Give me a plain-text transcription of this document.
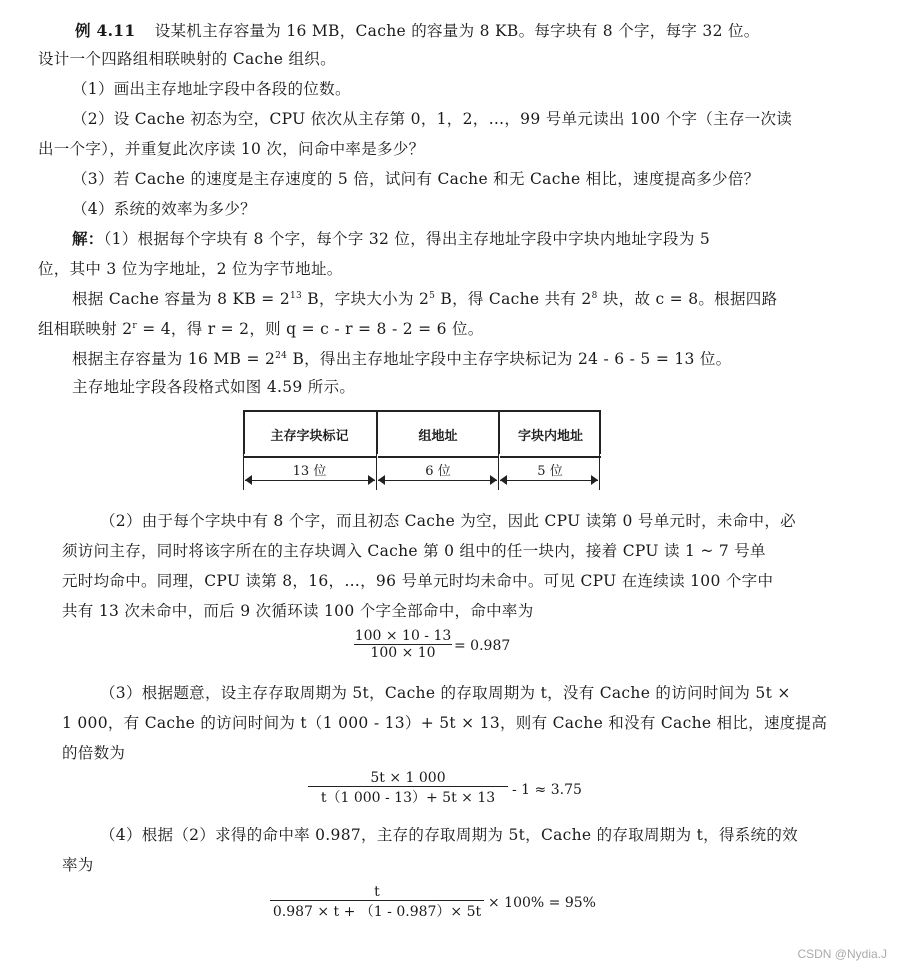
例 4.11 设某机主存容量为 16 MB，Cache 的容量为 8 KB。每字块有 8 个字，每字 32 位。
设计一个四路组相联映射的 Cache 组织。
（1）画出主存地址字段中各段的位数。
（2）设 Cache 初态为空，CPU 依次从主存第 0，1，2，…，99 号单元读出 100 个字（主存一次读
出一个字），并重复此次序读 10 次，问命中率是多少？
（3）若 Cache 的速度是主存速度的 5 倍，试问有 Cache 和无 Cache 相比，速度提高多少倍？
（4）系统的效率为多少？
解：（1）根据每个字块有 8 个字，每个字 32 位，得出主存地址字段中字块内地址字段为 5
位，其中 3 位为字地址，2 位为字节地址。
根据 Cache 容量为 8 KB = $2^{13}$ B，字块大小为 $2^5$ B，得 Cache 共有 $2^8$ 块，故 c = 8。根据四路
组相联映射 $2^r = 4$，得 r = 2，则 q = c - r = 8 - 2 = 6 位。
根据主存容量为 16 MB = $2^{24}$ B，得出主存地址字段中主存字块标记为 24 - 6 - 5 = 13 位。
主存地址字段各段格式如图 4.59 所示。
主存字块标记	组地址	字块内地址
13 位	6 位	5 位
（2）由于每个字块中有 8 个字，而且初态 Cache 为空，因此 CPU 读第 0 号单元时，未命中，必
须访问主存，同时将该字所在的主存块调入 Cache 第 0 组中的任一块内，接着 CPU 读 1 ~ 7 号单
元时均命中。同理，CPU 读第 8，16，…，96 号单元时均未命中。可见 CPU 在连续读 100 个字中
共有 13 次未命中，而后 9 次循环读 100 个字全部命中，命中率为
100 × 10 - 13
100 × 10	= 0.987
（3）根据题意，设主存存取周期为 5t，Cache 的存取周期为 t，没有 Cache 的访问时间为 5t ×
1 000，有 Cache 的访问时间为 t（1 000 - 13）+ 5t × 13，则有 Cache 和没有 Cache 相比，速度提高
的倍数为
5t × 1 000
t（1 000 - 13）+ 5t × 13	- 1 ≈ 3.75
（4）根据（2）求得的命中率 0.987，主存的存取周期为 5t，Cache 的存取周期为 t，得系统的效
率为
t
0.987 × t + （1 - 0.987）× 5t
× 100% = 95%
CSDN @Nydia.J
